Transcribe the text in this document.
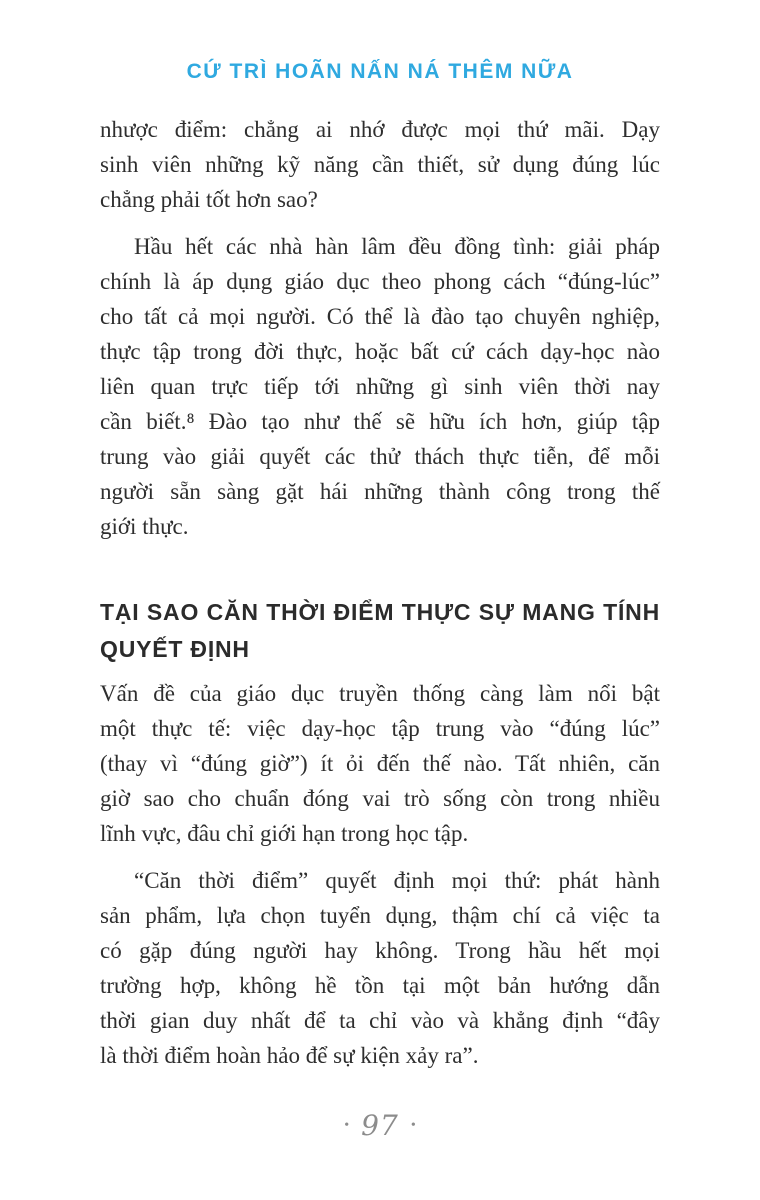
CỨ TRÌ HOÃN NẤN NÁ THÊM NỮA

nhược điểm: chẳng ai nhớ được mọi thứ mãi. Dạy
sinh viên những kỹ năng cần thiết, sử dụng đúng lúc
chẳng phải tốt hơn sao?

Hầu hết các nhà hàn lâm đều đồng tình: giải pháp
chính là áp dụng giáo dục theo phong cách “đúng-lúc”
cho tất cả mọi người. Có thể là đào tạo chuyên nghiệp,
thực tập trong đời thực, hoặc bất cứ cách dạy-học nào
liên quan trực tiếp tới những gì sinh viên thời nay
cần biết.⁸ Đào tạo như thế sẽ hữu ích hơn, giúp tập
trung vào giải quyết các thử thách thực tiễn, để mỗi
người sẵn sàng gặt hái những thành công trong thế
giới thực.

TẠI SAO CĂN THỜI ĐIỂM THỰC SỰ MANG TÍNH
QUYẾT ĐỊNH

Vấn đề của giáo dục truyền thống càng làm nổi bật
một thực tế: việc dạy-học tập trung vào “đúng lúc”
(thay vì “đúng giờ”) ít ỏi đến thế nào. Tất nhiên, căn
giờ sao cho chuẩn đóng vai trò sống còn trong nhiều
lĩnh vực, đâu chỉ giới hạn trong học tập.

“Căn thời điểm” quyết định mọi thứ: phát hành
sản phẩm, lựa chọn tuyển dụng, thậm chí cả việc ta
có gặp đúng người hay không. Trong hầu hết mọi
trường hợp, không hề tồn tại một bản hướng dẫn
thời gian duy nhất để ta chỉ vào và khẳng định “đây
là thời điểm hoàn hảo để sự kiện xảy ra”.

• 97 •
